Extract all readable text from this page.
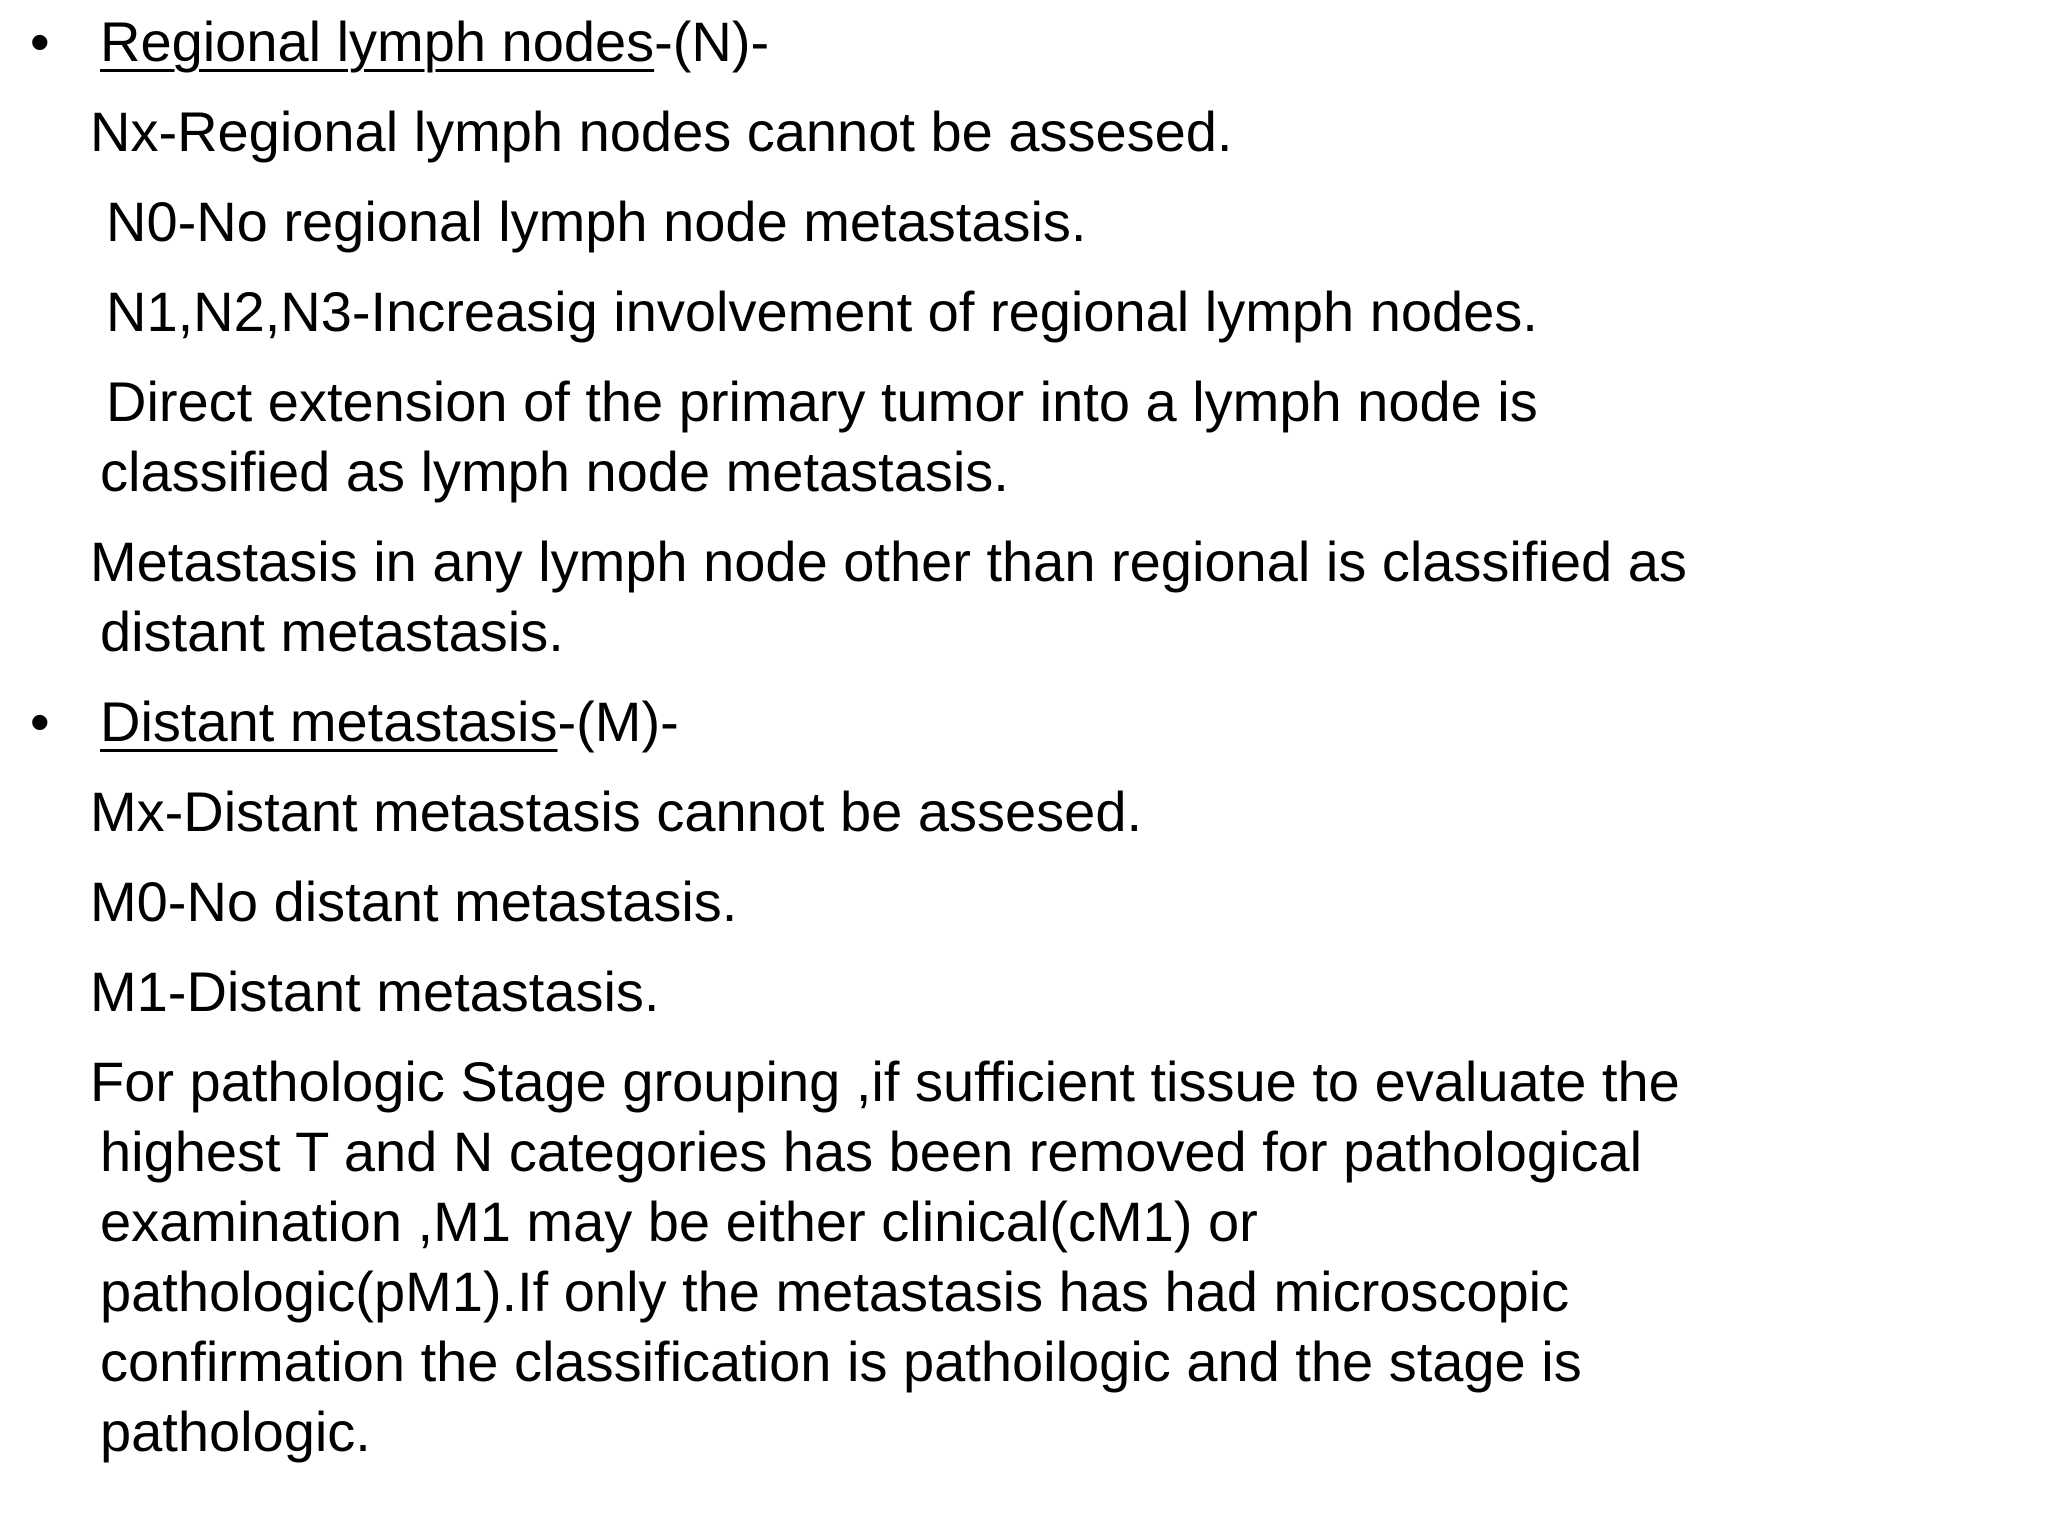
• Regional lymph nodes-(N)-
Nx-Regional lymph nodes cannot be assesed.
N0-No regional lymph node metastasis.
N1,N2,N3-Increasig involvement of regional lymph nodes.
Direct extension of the primary tumor into a lymph node is
classified as lymph node metastasis.
Metastasis in any lymph node other than regional is classified as
distant metastasis.
• Distant metastasis-(M)-
Mx-Distant metastasis cannot be assesed.
M0-No distant metastasis.
M1-Distant metastasis.
For pathologic Stage grouping ,if sufficient tissue to evaluate the
highest T and N categories has been removed for pathological
examination ,M1 may be either clinical(cM1) or
pathologic(pM1).If only the metastasis has had microscopic
confirmation the classification is pathoilogic and the stage is
pathologic.
